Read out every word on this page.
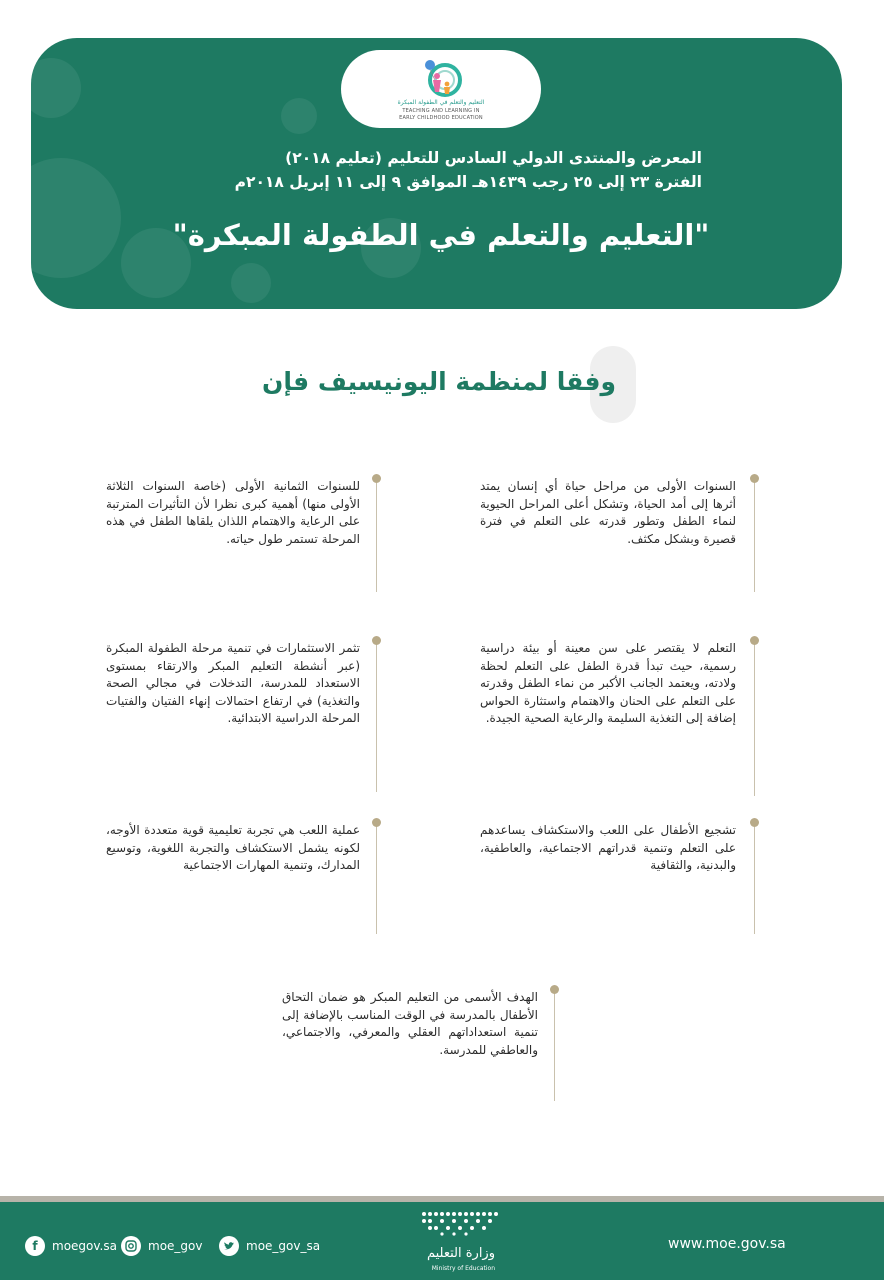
التعليم والتعلم في الطفولة المبكرة
TEACHING AND LEARNING IN
EARLY CHILDHOOD EDUCATION
المعرض والمنتدى الدولي السادس للتعليم (تعليم ٢٠١٨)
الفترة ٢٣ إلى ٢٥ رجب ١٤٣٩هـ الموافق ٩ إلى ١١ إبريل ٢٠١٨م
"التعليم والتعلم في الطفولة المبكرة"
وفقا لمنظمة اليونيسيف فإن
السنوات الأولى من مراحل حياة أي إنسان يمتد أثرها إلى أمد الحياة، وتشكل أعلى المراحل الحيوية لنماء الطفل وتطور قدرته على التعلم في فترة قصيرة وبشكل مكثف.
للسنوات الثمانية الأولى (خاصة السنوات الثلاثة الأولى منها) أهمية كبرى نظرا لأن التأثيرات المترتبة على الرعاية والاهتمام اللذان يلقاها الطفل في هذه المرحلة تستمر طول حياته.
التعلم لا يقتصر على سن معينة أو بيئة دراسية رسمية، حيث تبدأ قدرة الطفل على التعلم لحظة ولادته، ويعتمد الجانب الأكبر من نماء الطفل وقدرته على التعلم على الحنان والاهتمام واستثارة الحواس إضافة إلى التغذية السليمة والرعاية الصحية الجيدة.
تثمر الاستثمارات في تنمية مرحلة الطفولة المبكرة (عبر أنشطة التعليم المبكر والارتقاء بمستوى الاستعداد للمدرسة، التدخلات في مجالي الصحة والتغذية) في ارتفاع احتمالات إنهاء الفتيان والفتيات المرحلة الدراسية الابتدائية.
تشجيع الأطفال على اللعب والاستكشاف يساعدهم على التعلم وتنمية قدراتهم الاجتماعية، والعاطفية، والبدنية، والثقافية
عملية اللعب هي تجربة تعليمية قوية متعددة الأوجه، لكونه يشمل الاستكشاف والتجربة اللغوية، وتوسيع المدارك، وتنمية المهارات الاجتماعية
الهدف الأسمى من التعليم المبكر هو ضمان التحاق الأطفال بالمدرسة في الوقت المناسب بالإضافة إلى تنمية استعداداتهم العقلي والمعرفي، والاجتماعي، والعاطفي للمدرسة.
f	moegov.sa	moe_gov	moe_gov_sa	وزارة التعليم
Ministry of Education
www.moe.gov.sa
